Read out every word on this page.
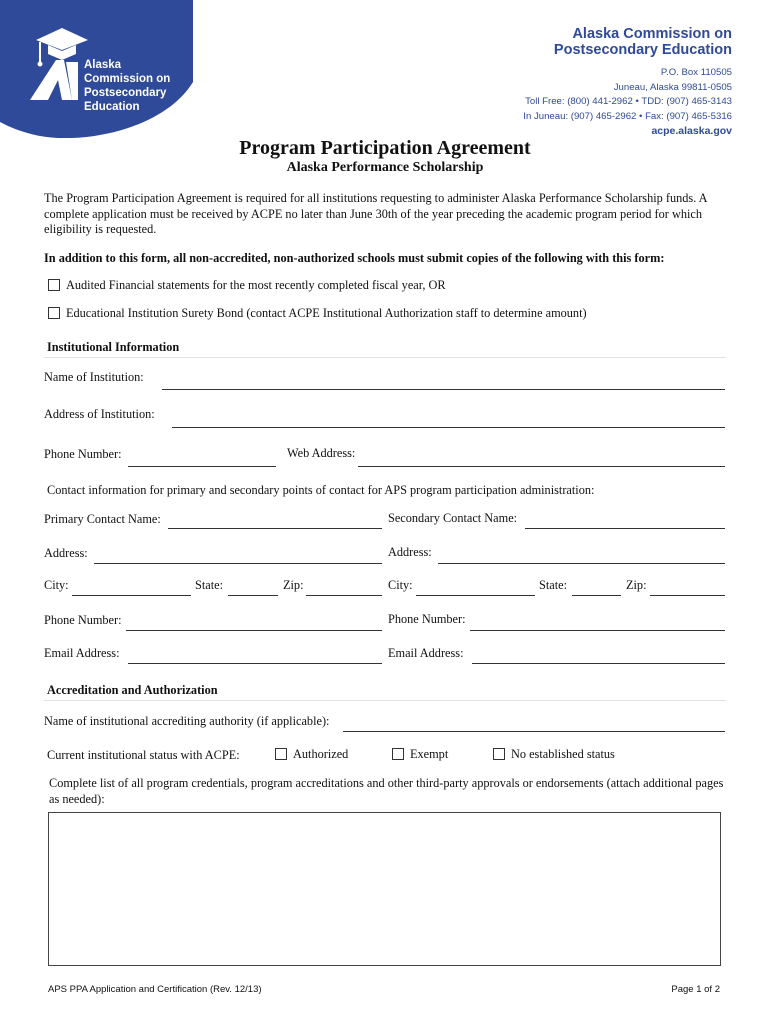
Alaska
Commission on
Postsecondary
Education
Alaska Commission on
Postsecondary Education
P.O. Box 110505
Juneau, Alaska 99811-0505
Toll Free: (800) 441-2962 • TDD: (907) 465-3143
In Juneau: (907) 465-2962 • Fax: (907) 465-5316
acpe.alaska.gov
Program Participation Agreement
Alaska Performance Scholarship
The Program Participation Agreement is required for all institutions requesting to administer Alaska Performance Scholarship funds. A complete application must be received by ACPE no later than June 30th of the year preceding the academic program period for which eligibility is requested.
In addition to this form, all non-accredited, non-authorized schools must submit copies of the following with this form:
Audited Financial statements for the most recently completed fiscal year, OR
Educational Institution Surety Bond (contact ACPE Institutional Authorization staff to determine amount)
Institutional Information
Name of Institution:
Address of Institution:
Phone Number:	Web Address:
Contact information for primary and secondary points of contact for APS program participation administration:
Primary Contact Name:	Secondary Contact Name:
Address:	Address:
City:	State:	Zip:	City:	State:	Zip:
Phone Number:	Phone Number:
Email Address:	Email Address:
Accreditation and Authorization
Name of institutional accrediting authority (if applicable):
Current institutional status with ACPE:	Authorized	Exempt	No established status
Complete list of all program credentials, program accreditations and other third-party approvals or endorsements (attach additional pages as needed):
APS PPA Application and Certification (Rev. 12/13)	Page 1 of 2
